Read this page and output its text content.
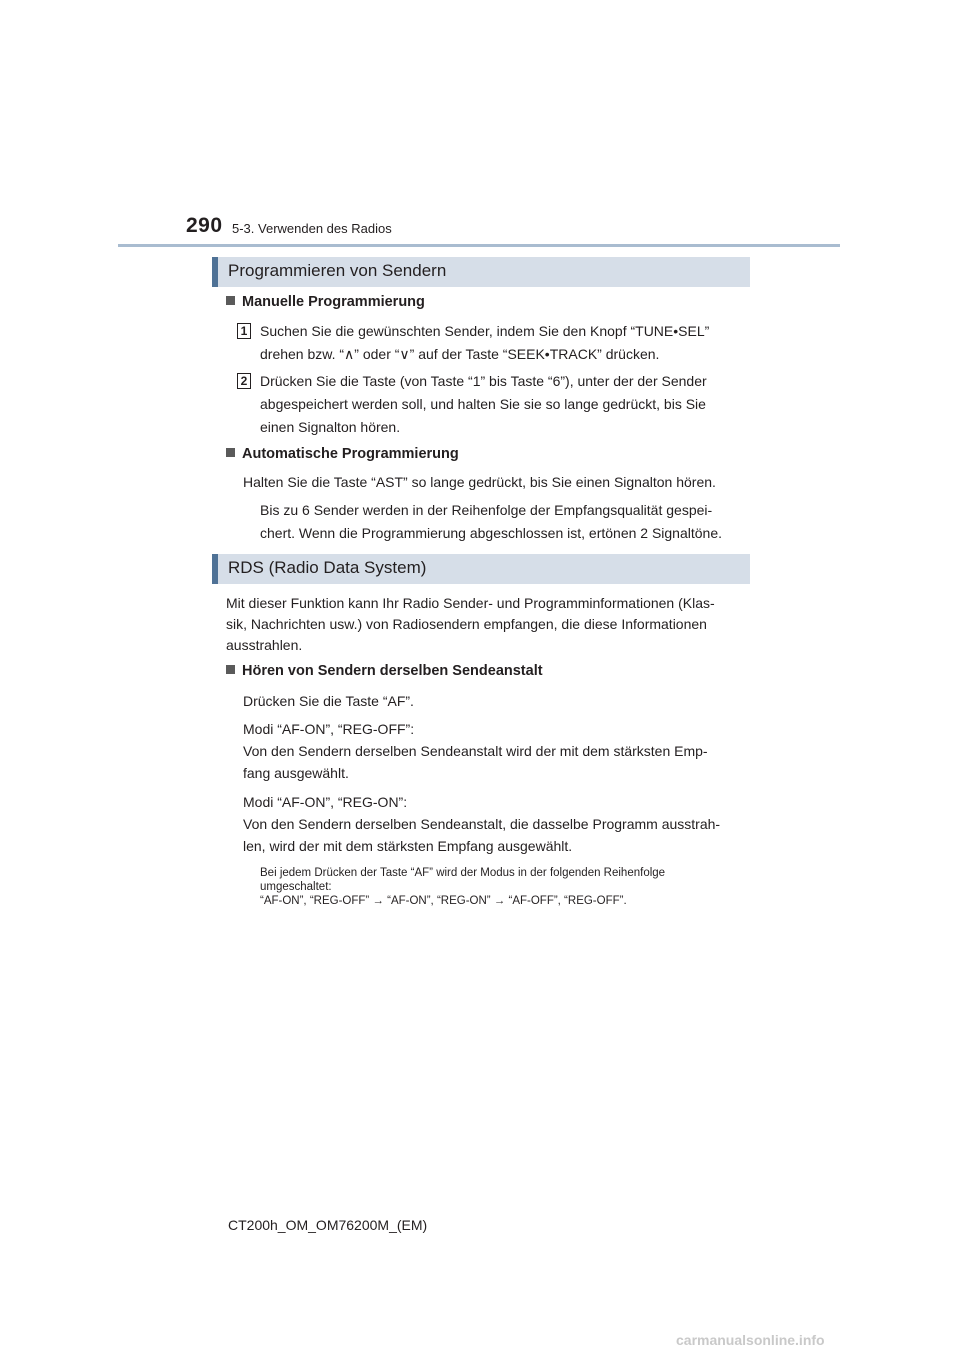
290 5-3. Verwenden des Radios
Programmieren von Sendern
Manuelle Programmierung
1 Suchen Sie die gewünschten Sender, indem Sie den Knopf “TUNE•SEL”
drehen bzw. “∧” oder “∨” auf der Taste “SEEK•TRACK” drücken.
2 Drücken Sie die Taste (von Taste “1” bis Taste “6”), unter der der Sender
abgespeichert werden soll, und halten Sie sie so lange gedrückt, bis Sie
einen Signalton hören.
Automatische Programmierung
Halten Sie die Taste “AST” so lange gedrückt, bis Sie einen Signalton hören.
Bis zu 6 Sender werden in der Reihenfolge der Empfangsqualität gespei-
chert. Wenn die Programmierung abgeschlossen ist, ertönen 2 Signaltöne.
RDS (Radio Data System)
Mit dieser Funktion kann Ihr Radio Sender- und Programminformationen (Klas-
sik, Nachrichten usw.) von Radiosendern empfangen, die diese Informationen
ausstrahlen.
Hören von Sendern derselben Sendeanstalt
Drücken Sie die Taste “AF”.
Modi “AF-ON”, “REG-OFF”:
Von den Sendern derselben Sendeanstalt wird der mit dem stärksten Emp-
fang ausgewählt.
Modi “AF-ON”, “REG-ON”:
Von den Sendern derselben Sendeanstalt, die dasselbe Programm ausstrah-
len, wird der mit dem stärksten Empfang ausgewählt.
Bei jedem Drücken der Taste “AF” wird der Modus in der folgenden Reihenfolge
umgeschaltet:
“AF-ON”, “REG-OFF” → “AF-ON”, “REG-ON” → “AF-OFF”, “REG-OFF”.
CT200h_OM_OM76200M_(EM)
carmanualsonline.info
